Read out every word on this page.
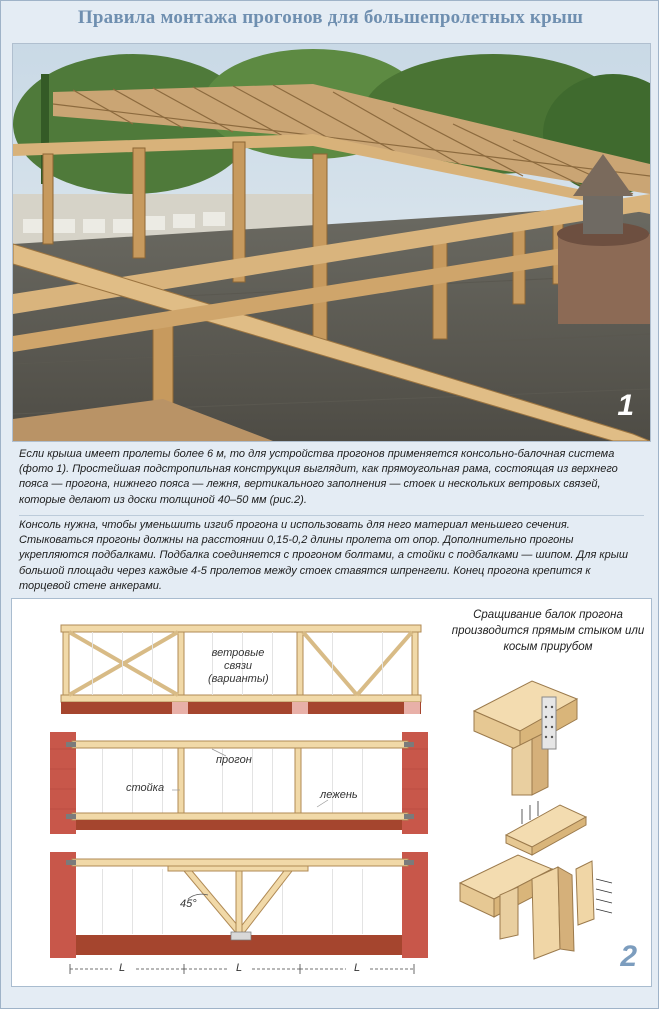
Правила монтажа прогонов для большепролетных крыш
1
Если крыша имеет пролеты более 6 м, то для устройства прогонов применяется консольно-балочная система (фото 1). Простейшая подстропильная конструкция выглядит, как прямоугольная рама, состоящая из верхнего пояса — прогона, нижнего пояса — лежня, вертикального заполнения — стоек и нескольких ветровых связей, которые делают из доски толщиной 40–50 мм (рис.2).
Консоль нужна, чтобы уменьшить изгиб прогона и использовать для него материал меньшего сечения. Стыковаться прогоны должны на расстоянии 0,15-0,2 длины пролета от опор. Дополнительно прогоны укрепляются подбалками. Подбалка соединяется с прогоном болтами, а стойки с подбалками — шипом. Для крыш большой площади через каждые 4-5 пролетов между стоек ставятся шпренгели. Конец прогона крепится к торцевой стене анкерами.
ветровые
связи
(варианты)
прогон
стойка
лежень
45°
L	L	L
Сращивание балок прогона производится прямым стыком или косым прирубом
2
